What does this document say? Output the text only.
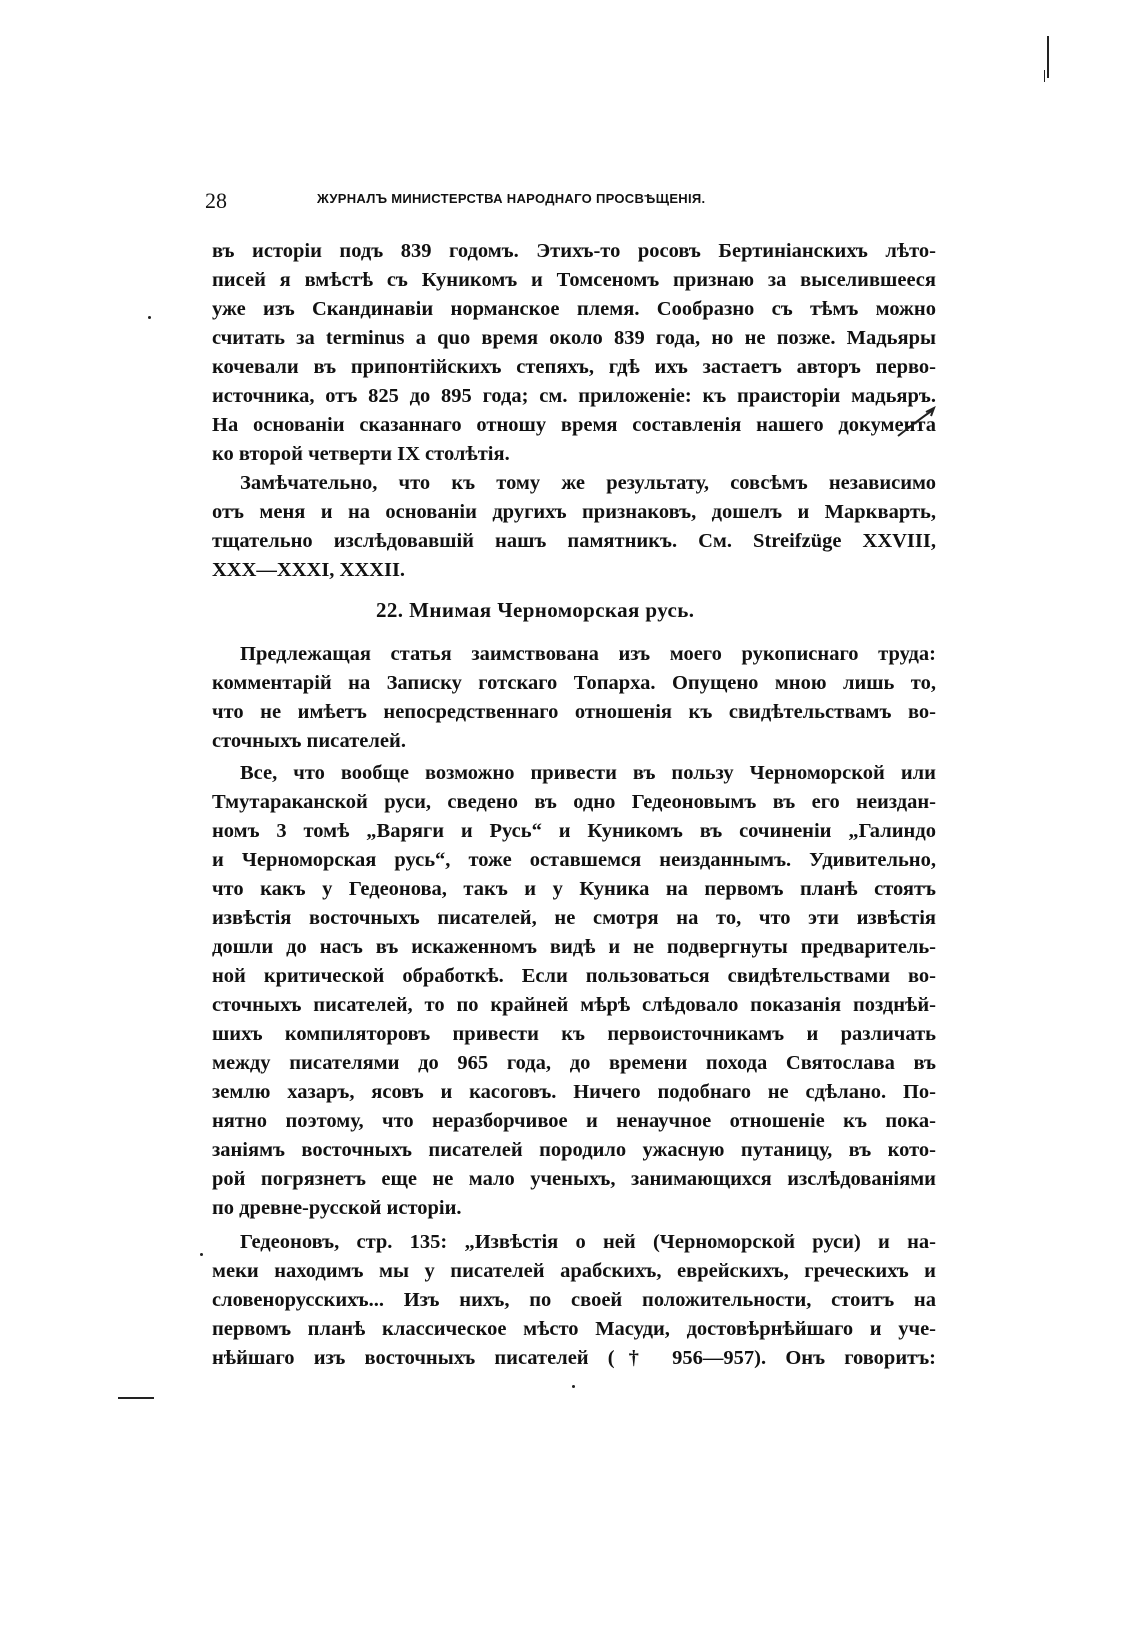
28	ЖУРНАЛЪ МИНИСТЕРСТВА НАРОДНАГО ПРОСВѢЩЕНІЯ.
въ исторіи подъ 839 годомъ. Этихъ-то росовъ Бертиніанскихъ лѣто-
писей я вмѣстѣ съ Куникомъ и Томсеномъ признаю за выселившееся
уже изъ Скандинавіи норманское племя. Сообразно съ тѣмъ можно
считать за terminus a quo время около 839 года, но не позже. Мадьяры
кочевали въ припонтійскихъ степяхъ, гдѣ ихъ застаетъ авторъ перво-
источника, отъ 825 до 895 года; см. приложеніе: къ праисторіи мадьяръ.
На основаніи сказаннаго отношу время составленія нашего документа
ко второй четверти IX столѣтія.
Замѣчательно, что къ тому же результату, совсѣмъ независимо
отъ меня и на основаніи другихъ признаковъ, дошелъ и Маркварть,
тщательно изслѣдовавшій нашъ памятникъ. См. Streifzüge XXVIII,
XXX—XXXI, XXXII.
22. Мнимая Черноморская русь.
Предлежащая статья заимствована изъ моего рукописнаго труда:
комментарій на Записку готскаго Топарха. Опущено мною лишь то,
что не имѣетъ непосредственнаго отношенія къ свидѣтельствамъ во-
сточныхъ писателей.
Все, что вообще возможно привести въ пользу Черноморской или
Тмутараканской руси, сведено въ одно Гедеоновымъ въ его неиздан-
номъ 3 томѣ „Варяги и Русь“ и Куникомъ въ сочиненіи „Галиндо
и Черноморская русь“, тоже оставшемся неизданнымъ. Удивительно,
что какъ у Гедеонова, такъ и у Куника на первомъ планѣ стоятъ
извѣстія восточныхъ писателей, не смотря на то, что эти извѣстія
дошли до насъ въ искаженномъ видѣ и не подвергнуты предваритель-
ной критической обработкѣ. Если пользоваться свидѣтельствами во-
сточныхъ писателей, то по крайней мѣрѣ слѣдовало показанія позднѣй-
шихъ компиляторовъ привести къ первоисточникамъ и различать
между писателями до 965 года, до времени похода Святослава въ
землю хазаръ, ясовъ и касоговъ. Ничего подобнаго не сдѣлано. По-
нятно поэтому, что неразборчивое и ненаучное отношеніе къ пока-
заніямъ восточныхъ писателей породило ужасную путаницу, въ кото-
рой погрязнетъ еще не мало ученыхъ, занимающихся изслѣдованіями
по древне-русской исторіи.
Гедеоновъ, стр. 135: „Извѣстія о ней (Черноморской руси) и на-
меки находимъ мы у писателей арабскихъ, еврейскихъ, греческихъ и
словенорусскихъ... Изъ нихъ, по своей положительности, стоитъ на
первомъ планѣ классическое мѣсто Масуди, достовѣрнѣйшаго и уче-
нѣйшаго изъ восточныхъ писателей († 956—957). Онъ говоритъ:
